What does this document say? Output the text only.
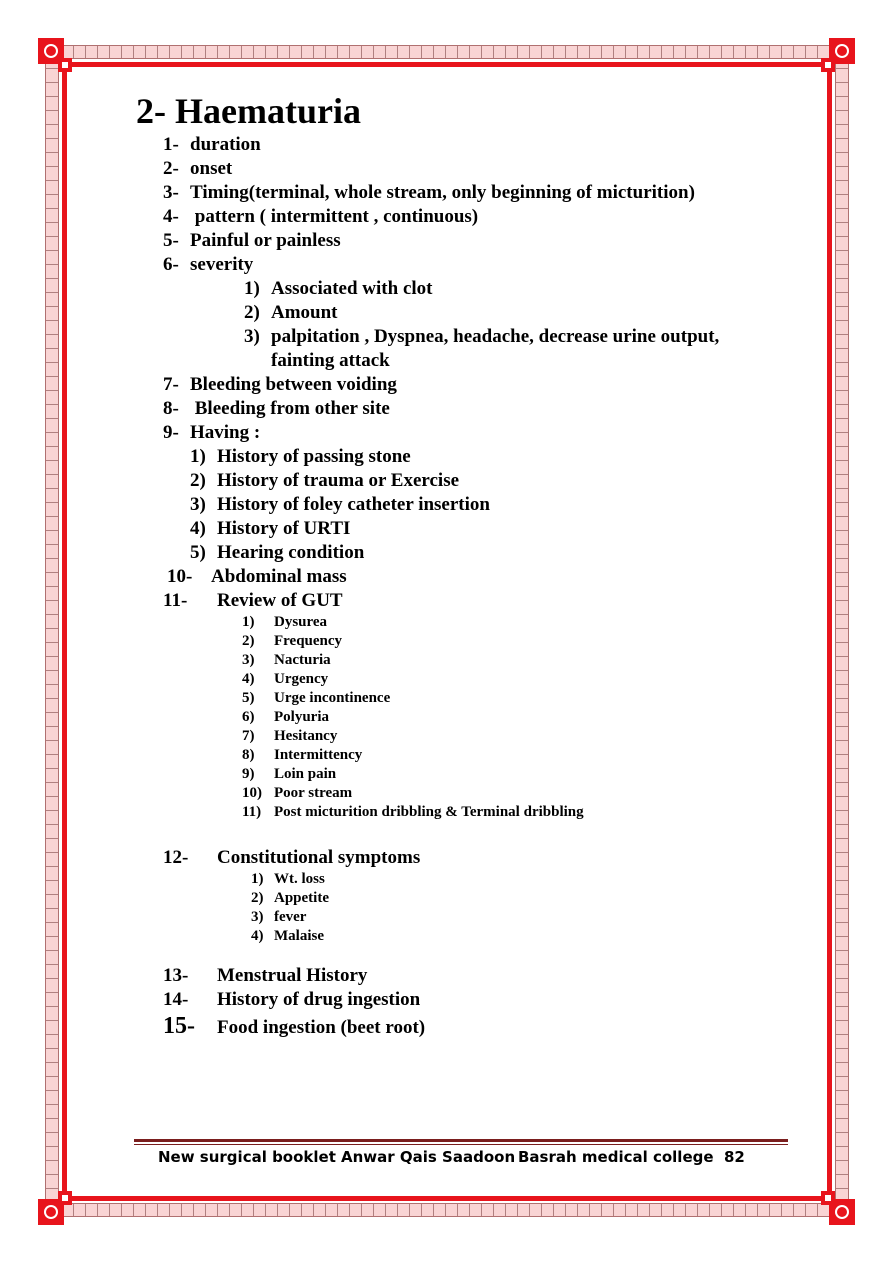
2- Haematuria
1- duration
2- onset
3- Timing(terminal, whole stream, only beginning of micturition)
4- pattern ( intermittent , continuous)
5- Painful or painless
6- severity
1) Associated with clot
2) Amount
3) palpitation , Dyspnea, headache, decrease urine output,
fainting attack
7- Bleeding between voiding
8- Bleeding from other site
9- Having :
1) History of passing stone
2) History of trauma or Exercise
3) History of foley catheter insertion
4) History of URTI
5) Hearing condition
10- Abdominal mass
11- Review of GUT
1) Dysurea
2) Frequency
3) Nacturia
4) Urgency
5) Urge incontinence
6) Polyuria
7) Hesitancy
8) Intermittency
9) Loin pain
10) Poor stream
11) Post micturition dribbling & Terminal dribbling
12- Constitutional symptoms
1) Wt. loss
2) Appetite
3) fever
4) Malaise
13- Menstrual History
14- History of drug ingestion
15- Food ingestion (beet root)
New surgical booklet Anwar Qais Saadoon Basrah medical college 82
